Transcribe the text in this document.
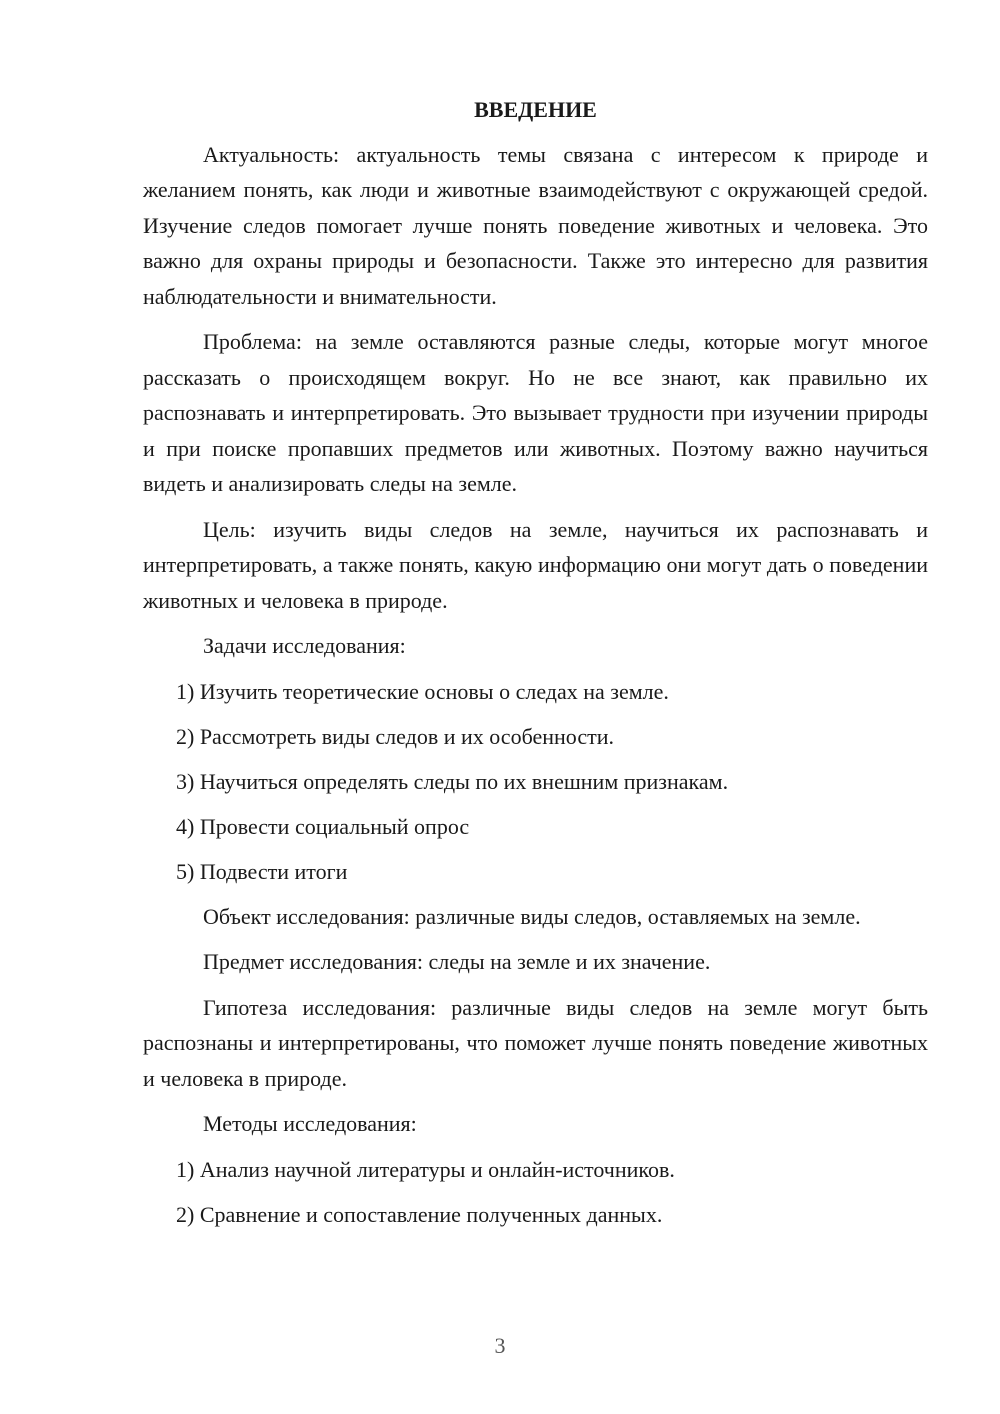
ВВЕДЕНИЕ

Актуальность: актуальность темы связана с интересом к природе и желанием понять, как люди и животные взаимодействуют с окружающей средой. Изучение следов помогает лучше понять поведение животных и человека. Это важно для охраны природы и безопасности. Также это интересно для развития наблюдательности и внимательности.

Проблема: на земле оставляются разные следы, которые могут многое рассказать о происходящем вокруг. Но не все знают, как правильно их распознавать и интерпретировать. Это вызывает трудности при изучении природы и при поиске пропавших предметов или животных. Поэтому важно научиться видеть и анализировать следы на земле.

Цель: изучить виды следов на земле, научиться их распознавать и интерпретировать, а также понять, какую информацию они могут дать о поведении животных и человека в природе.

Задачи исследования:

1) Изучить теоретические основы о следах на земле.
2) Рассмотреть виды следов и их особенности.
3) Научиться определять следы по их внешним признакам.
4) Провести социальный опрос
5) Подвести итоги

Объект исследования: различные виды следов, оставляемых на земле.

Предмет исследования: следы на земле и их значение.

Гипотеза исследования: различные виды следов на земле могут быть распознаны и интерпретированы, что поможет лучше понять поведение животных и человека в природе.

Методы исследования:

1) Анализ научной литературы и онлайн-источников.
2) Сравнение и сопоставление полученных данных.
3
